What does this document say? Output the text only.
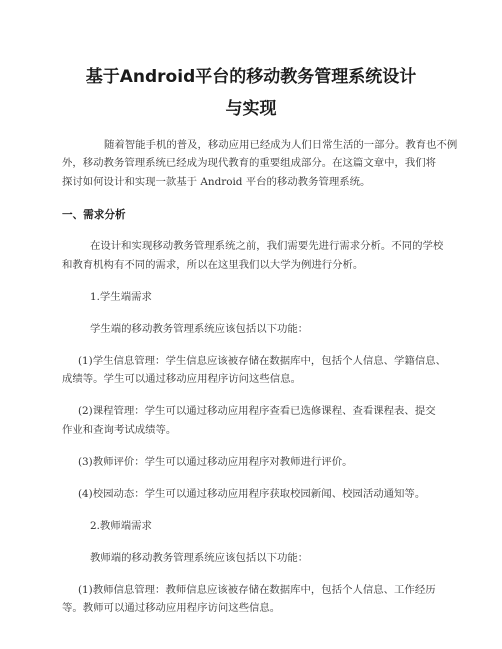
基于Android平台的移动教务管理系统设计
与实现
随着智能手机的普及，移动应用已经成为人们日常生活的一部分。教育也不例
外，移动教务管理系统已经成为现代教育的重要组成部分。在这篇文章中，我们将
探讨如何设计和实现一款基于 Android 平台的移动教务管理系统。
一、需求分析
在设计和实现移动教务管理系统之前，我们需要先进行需求分析。不同的学校
和教育机构有不同的需求，所以在这里我们以大学为例进行分析。
1.学生端需求
学生端的移动教务管理系统应该包括以下功能：
(1)学生信息管理：学生信息应该被存储在数据库中，包括个人信息、学籍信息、
成绩等。学生可以通过移动应用程序访问这些信息。
(2)课程管理：学生可以通过移动应用程序查看已选修课程、查看课程表、提交
作业和查询考试成绩等。
(3)教师评价：学生可以通过移动应用程序对教师进行评价。
(4)校园动态：学生可以通过移动应用程序获取校园新闻、校园活动通知等。
2.教师端需求
教师端的移动教务管理系统应该包括以下功能：
(1)教师信息管理：教师信息应该被存储在数据库中，包括个人信息、工作经历
等。教师可以通过移动应用程序访问这些信息。
